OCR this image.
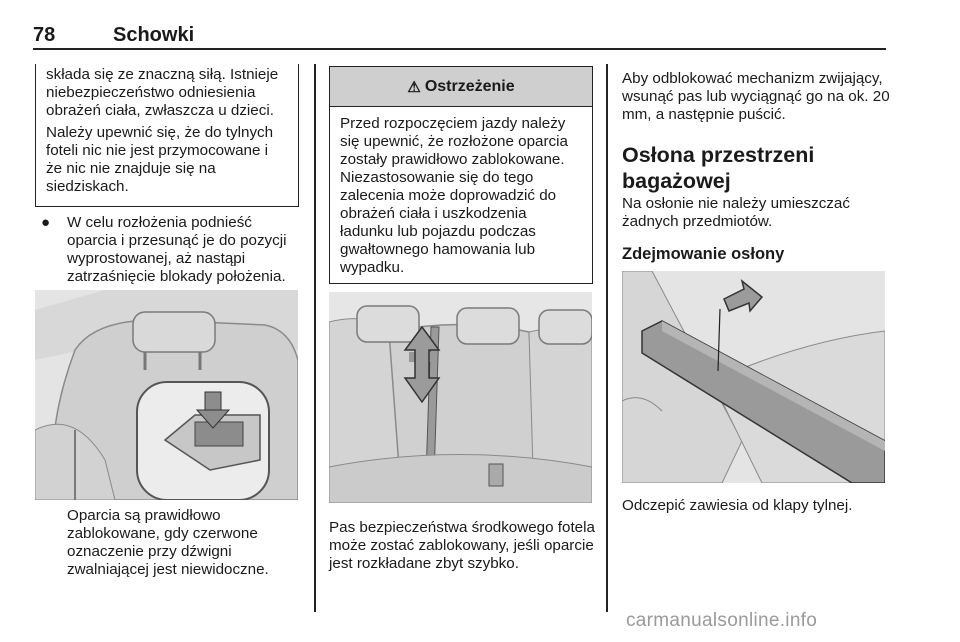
78	Schowki

składa się ze znaczną siłą. Istnieje niebezpieczeństwo odniesienia obrażeń ciała, zwłaszcza u dzieci.

Należy upewnić się, że do tylnych foteli nic nie jest przymocowane i że nic nie znajduje się na siedziskach.

● W celu rozłożenia podnieść oparcia i przesunąć je do pozycji wyprostowanej, aż nastąpi zatrzaśnięcie blokady położenia.
Oparcia są prawidłowo zablokowane, gdy czerwone oznaczenie przy dźwigni zwalniającej jest niewidoczne.
⚠ Ostrzeżenie
Przed rozpoczęciem jazdy należy się upewnić, że rozłożone oparcia zostały prawidłowo zablokowane. Niezastosowanie się do tego zalecenia może doprowadzić do obrażeń ciała i uszkodzenia ładunku lub pojazdu podczas gwałtownego hamowania lub wypadku.
Pas bezpieczeństwa środkowego fotela może zostać zablokowany, jeśli oparcie jest rozkładane zbyt szybko.
Aby odblokować mechanizm zwijający, wsunąć pas lub wyciągnąć go na ok. 20 mm, a następnie puścić.
Osłona przestrzeni bagażowej
Na osłonie nie należy umieszczać żadnych przedmiotów.
Zdejmowanie osłony
Odczepić zawiesia od klapy tylnej.
carmanualsonline.info
